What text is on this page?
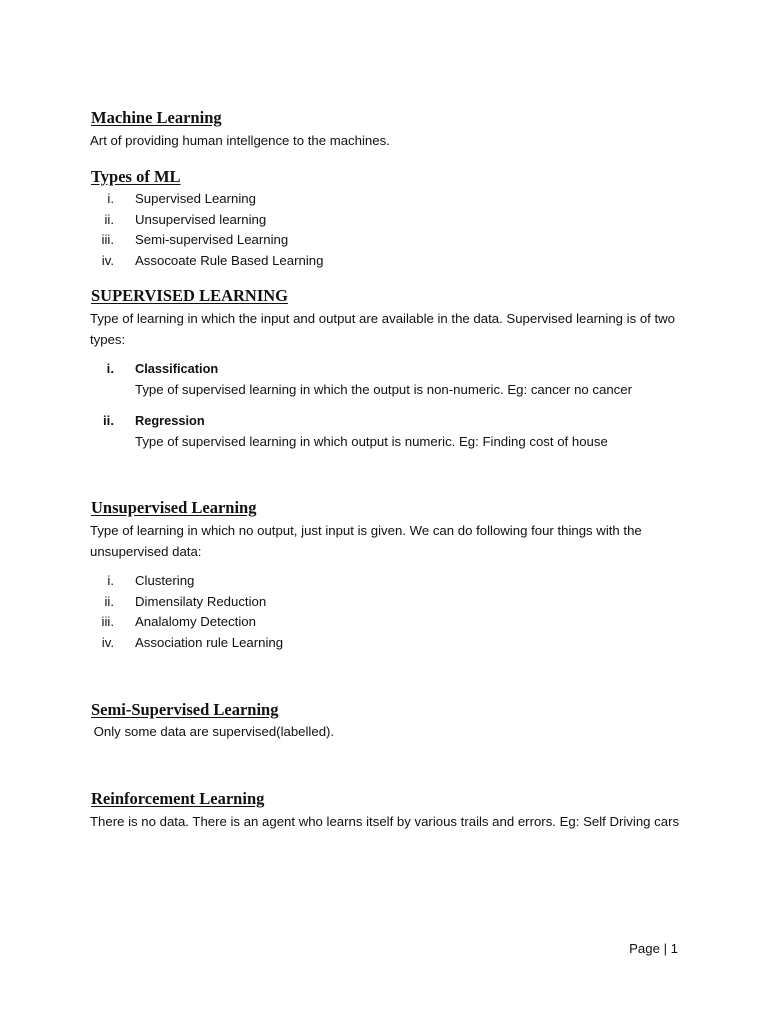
Machine Learning

Art of providing human intellgence to the machines.

Types of ML
i. Supervised Learning
ii. Unsupervised learning
iii. Semi-supervised Learning
iv. Assocoate Rule Based Learning
SUPERVISED LEARNING

Type of learning in which the input and output are available in the data. Supervised learning is of two types:

i. Classification
Type of supervised learning in which the output is non-numeric. Eg: cancer no cancer
ii. Regression
Type of supervised learning in which output is numeric. Eg: Finding cost of house
Unsupervised Learning

Type of learning in which no output, just input is given. We can do following four things with the unsupervised data:

i. Clustering
ii. Dimensilaty Reduction
iii. Analalomy Detection
iv. Association rule Learning
Semi-Supervised Learning

Only some data are supervised(labelled).

Reinforcement Learning

There is no data. There is an agent who learns itself by various trails and errors. Eg: Self Driving cars

Page | 1
